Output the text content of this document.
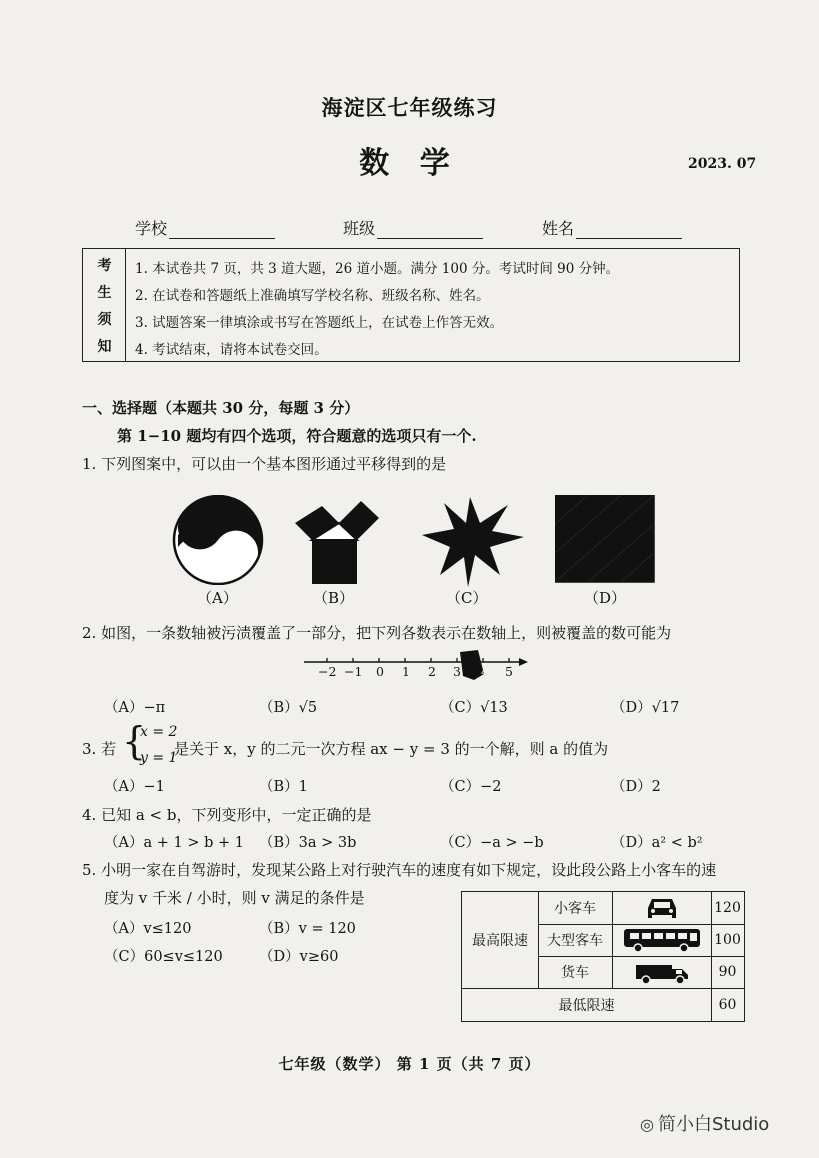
海淀区七年级练习
数 学	2023. 07
学校	班级	姓名
考
生
须
知
1. 本试卷共 7 页，共 3 道大题，26 道小题。满分 100 分。考试时间 90 分钟。
2. 在试卷和答题纸上准确填写学校名称、班级名称、姓名。
3. 试题答案一律填涂或书写在答题纸上，在试卷上作答无效。
4. 考试结束，请将本试卷交回。
一、选择题（本题共 30 分，每题 3 分）
第 1−10 题均有四个选项，符合题意的选项只有一个.
1. 下列图案中，可以由一个基本图形通过平移得到的是
（A）	（B）	（C）	（D）
2. 如图，一条数轴被污渍覆盖了一部分，把下列各数表示在数轴上，则被覆盖的数可能为
−2 −1 0 1 2 3 4 5
（A）−π	（B）√5	（C）√13	（D）√17
3. 若 {
x = 2
y = 1
是关于 x，y 的二元一次方程 ax − y = 3 的一个解，则 a 的值为
（A）−1	（B）1	（C）−2	（D）2
4. 已知 a < b，下列变形中，一定正确的是
（A）a + 1 > b + 1 （B）3a > 3b	（C）−a > −b	（D）a² < b²
5. 小明一家在自驾游时，发现某公路上对行驶汽车的速度有如下规定，设此段公路上小客车的速
度为 v 千米 / 小时，则 v 满足的条件是
（A）v≤120	（B）v = 120
（C）60≤v≤120	（D）v≥60
最高限速
小客车	120
大型客车	100
货车	90
最低限速	60
七年级（数学） 第 1 页（共 7 页）
◎ 简小白Studio
